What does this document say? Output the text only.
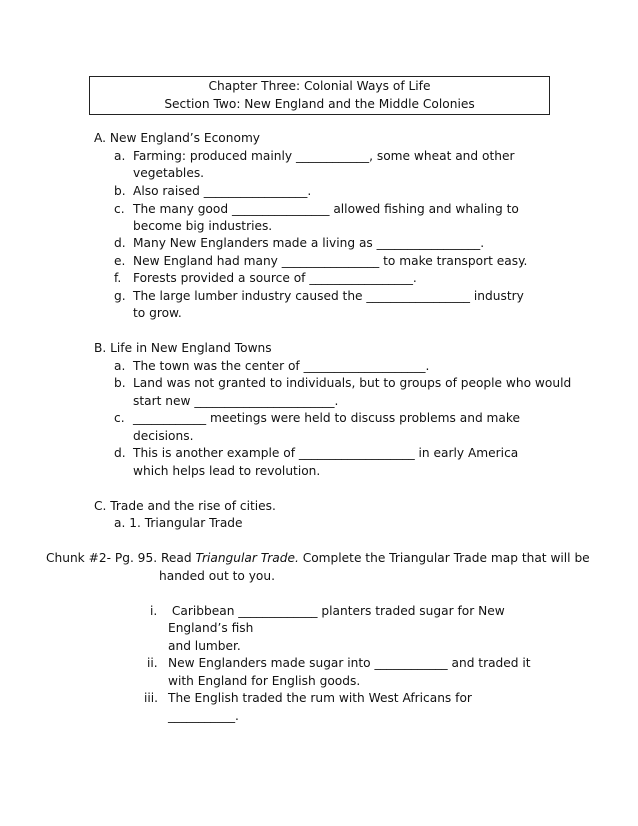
Chapter Three: Colonial Ways of Life
Section Two: New England and the Middle Colonies
A. New England’s Economy
a. Farming: produced mainly ____________, some wheat and other
vegetables.
b. Also raised _________________.
c. The many good ________________ allowed fishing and whaling to
become big industries.
d. Many New Englanders made a living as _________________.
e. New England had many ________________ to make transport easy.
f. Forests provided a source of _________________.
g. The large lumber industry caused the _________________ industry
to grow.
B. Life in New England Towns
a. The town was the center of ____________________.
b. Land was not granted to individuals, but to groups of people who would
start new _______________________.
c. ____________ meetings were held to discuss problems and make
decisions.
d. This is another example of ___________________ in early America
which helps lead to revolution.
C. Trade and the rise of cities.
a. 1. Triangular Trade
Chunk #2- Pg. 95. Read Triangular Trade. Complete the Triangular Trade map that will be
handed out to you.
i. Caribbean _____________ planters traded sugar for New
England’s fish
and lumber.
ii. New Englanders made sugar into ____________ and traded it
with England for English goods.
iii. The English traded the rum with West Africans for
___________.
